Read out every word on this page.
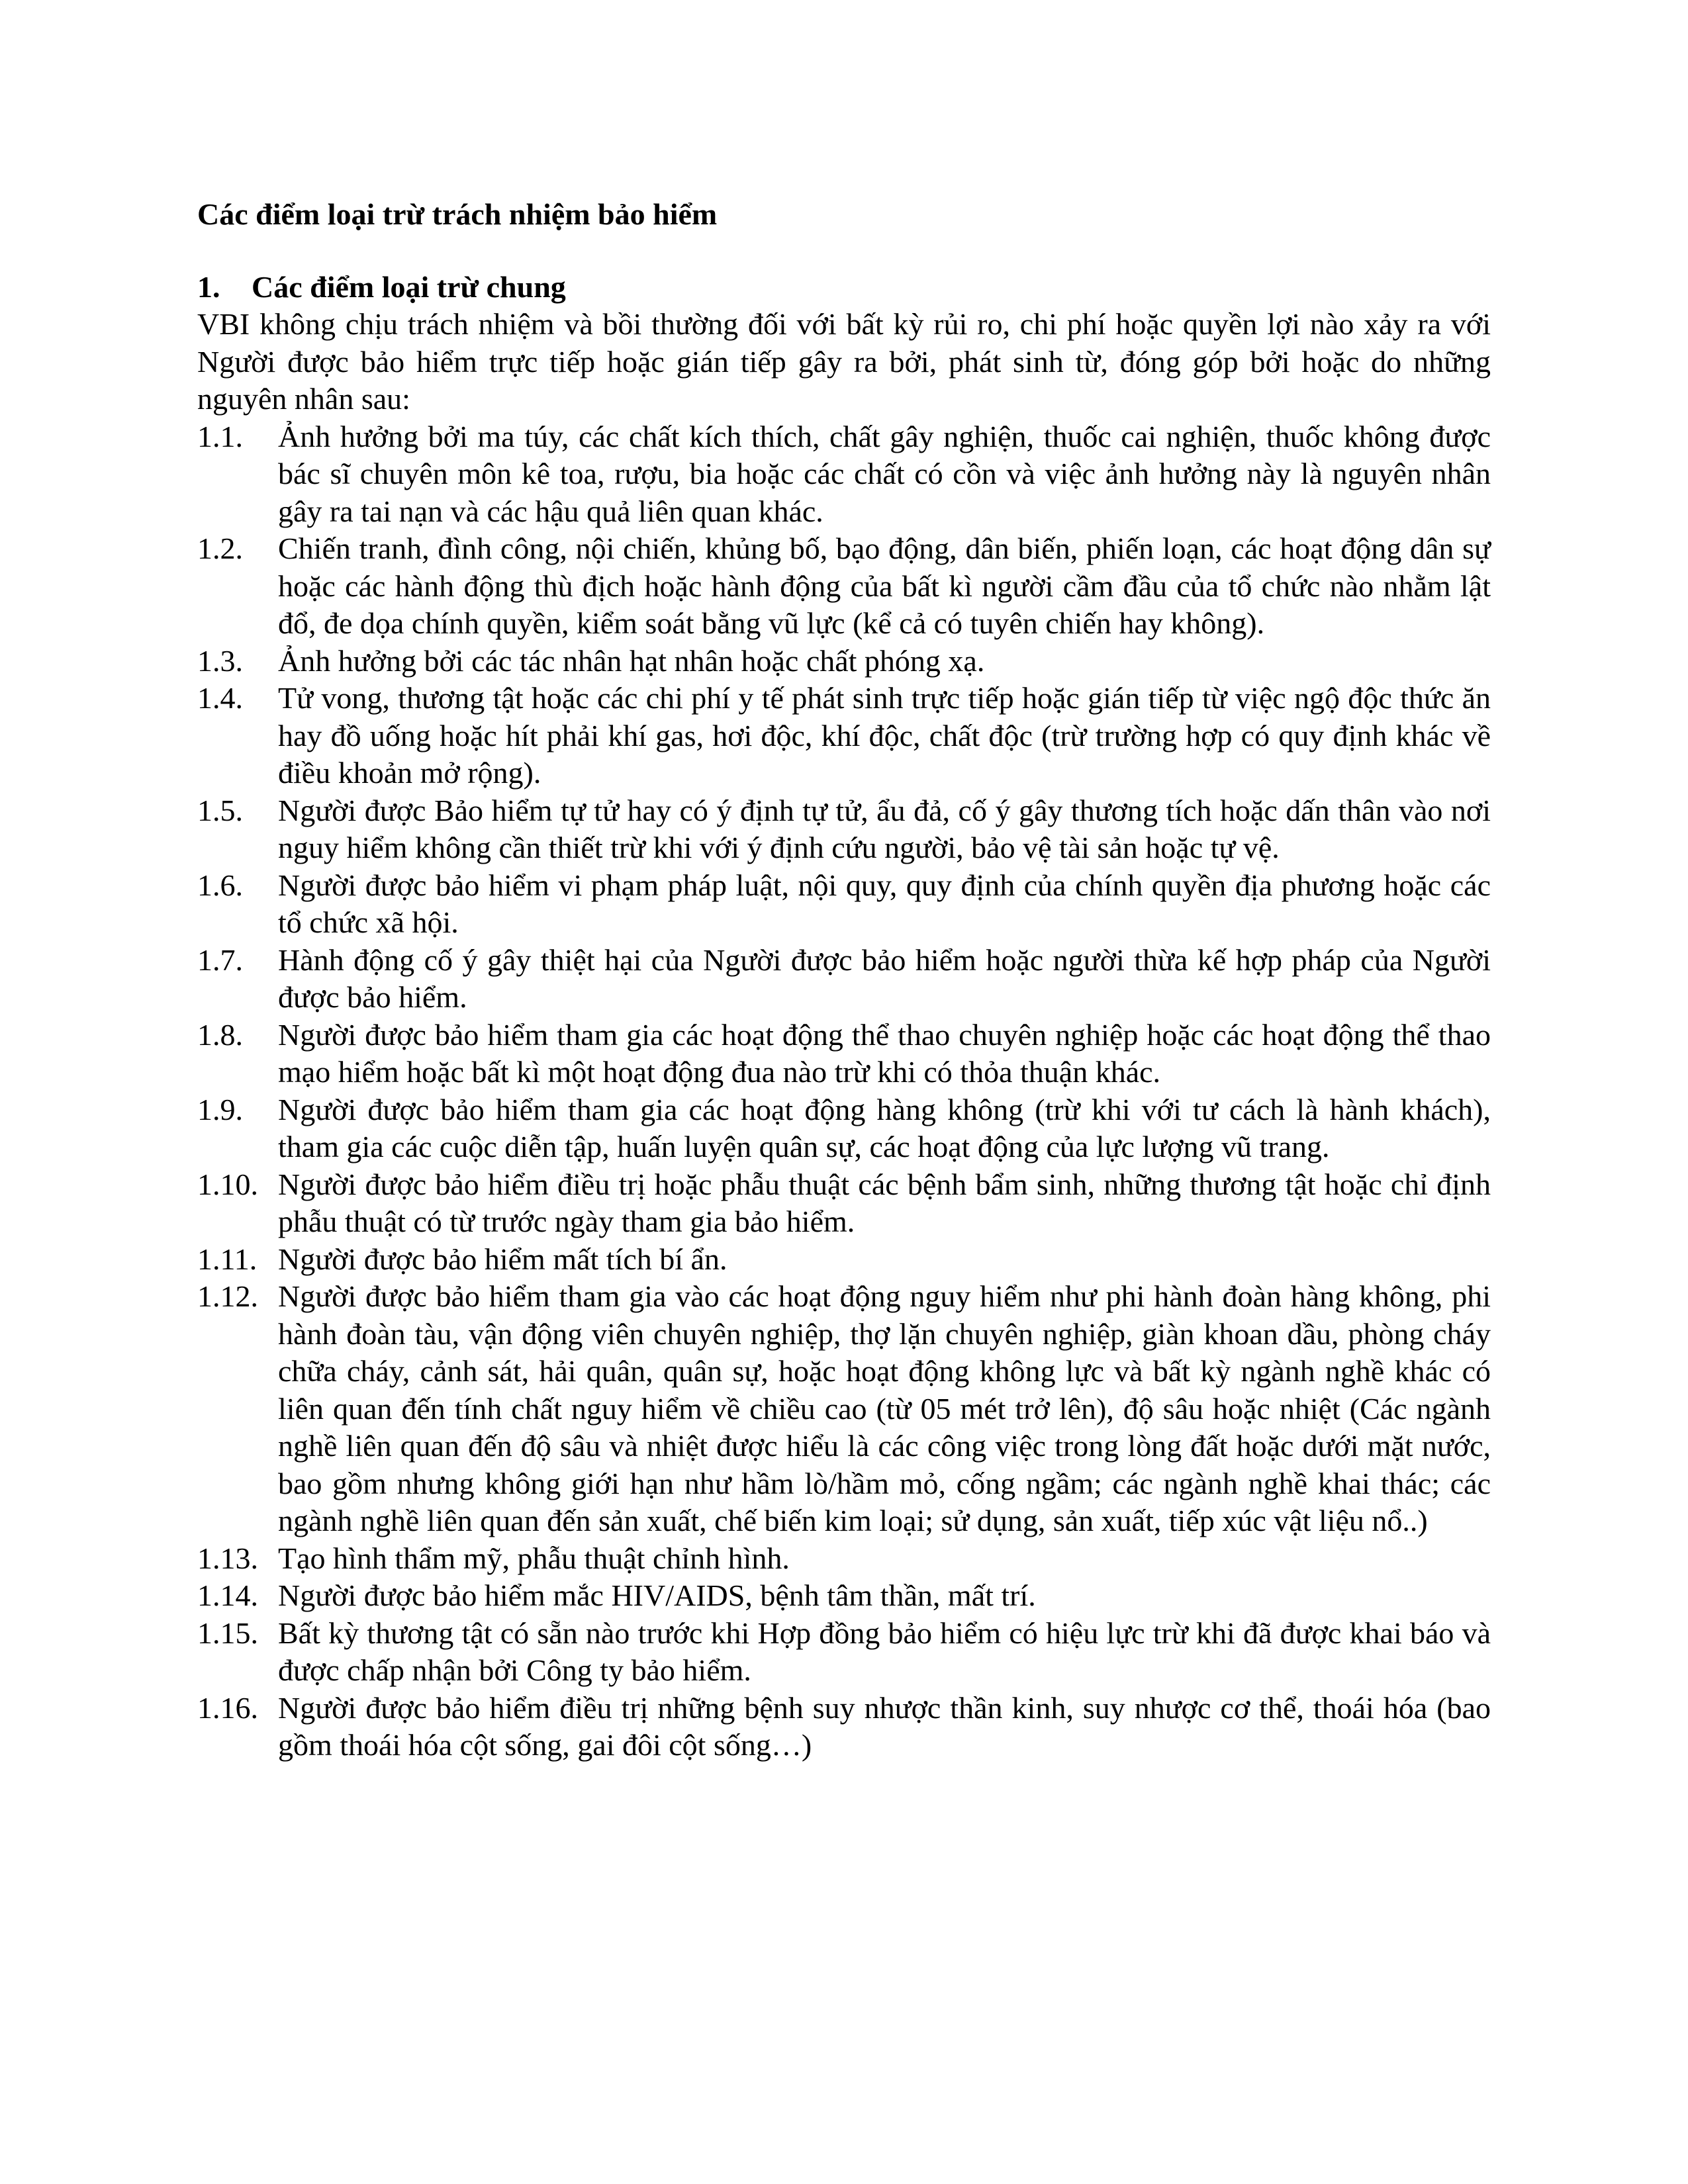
Các điểm loại trừ trách nhiệm bảo hiểm

1.	Các điểm loại trừ chung

VBI không chịu trách nhiệm và bồi thường đối với bất kỳ rủi ro, chi phí hoặc quyền lợi nào xảy ra với Người được bảo hiểm trực tiếp hoặc gián tiếp gây ra bởi, phát sinh từ, đóng góp bởi hoặc do những nguyên nhân sau:

1.1.	Ảnh hưởng bởi ma túy, các chất kích thích, chất gây nghiện, thuốc cai nghiện, thuốc không được bác sĩ chuyên môn kê toa, rượu, bia hoặc các chất có cồn và việc ảnh hưởng này là nguyên nhân gây ra tai nạn và các hậu quả liên quan khác.
1.2.	Chiến tranh, đình công, nội chiến, khủng bố, bạo động, dân biến, phiến loạn, các hoạt động dân sự hoặc các hành động thù địch hoặc hành động của bất kì người cầm đầu của tổ chức nào nhằm lật đổ, đe dọa chính quyền, kiểm soát bằng vũ lực (kể cả có tuyên chiến hay không).
1.3.	Ảnh hưởng bởi các tác nhân hạt nhân hoặc chất phóng xạ.
1.4.	Tử vong, thương tật hoặc các chi phí y tế phát sinh trực tiếp hoặc gián tiếp từ việc ngộ độc thức ăn hay đồ uống hoặc hít phải khí gas, hơi độc, khí độc, chất độc (trừ trường hợp có quy định khác về điều khoản mở rộng).
1.5.	Người được Bảo hiểm tự tử hay có ý định tự tử, ẩu đả, cố ý gây thương tích hoặc dấn thân vào nơi nguy hiểm không cần thiết trừ khi với ý định cứu người, bảo vệ tài sản hoặc tự vệ.
1.6.	Người được bảo hiểm vi phạm pháp luật, nội quy, quy định của chính quyền địa phương hoặc các tổ chức xã hội.
1.7.	Hành động cố ý gây thiệt hại của Người được bảo hiểm hoặc người thừa kế hợp pháp của Người được bảo hiểm.
1.8.	Người được bảo hiểm tham gia các hoạt động thể thao chuyên nghiệp hoặc các hoạt động thể thao mạo hiểm hoặc bất kì một hoạt động đua nào trừ khi có thỏa thuận khác.
1.9.	Người được bảo hiểm tham gia các hoạt động hàng không (trừ khi với tư cách là hành khách), tham gia các cuộc diễn tập, huấn luyện quân sự, các hoạt động của lực lượng vũ trang.
1.10. Người được bảo hiểm điều trị hoặc phẫu thuật các bệnh bẩm sinh, những thương tật hoặc chỉ định phẫu thuật có từ trước ngày tham gia bảo hiểm.
1.11. Người được bảo hiểm mất tích bí ẩn.
1.12. Người được bảo hiểm tham gia vào các hoạt động nguy hiểm như phi hành đoàn hàng không, phi hành đoàn tàu, vận động viên chuyên nghiệp, thợ lặn chuyên nghiệp, giàn khoan dầu, phòng cháy chữa cháy, cảnh sát, hải quân, quân sự, hoặc hoạt động không lực và bất kỳ ngành nghề khác có liên quan đến tính chất nguy hiểm về chiều cao (từ 05 mét trở lên), độ sâu hoặc nhiệt (Các ngành nghề liên quan đến độ sâu và nhiệt được hiểu là các công việc trong lòng đất hoặc dưới mặt nước, bao gồm nhưng không giới hạn như hầm lò/hầm mỏ, cống ngầm; các ngành nghề khai thác; các ngành nghề liên quan đến sản xuất, chế biến kim loại; sử dụng, sản xuất, tiếp xúc vật liệu nổ..)
1.13. Tạo hình thẩm mỹ, phẫu thuật chỉnh hình.
1.14. Người được bảo hiểm mắc HIV/AIDS, bệnh tâm thần, mất trí.
1.15. Bất kỳ thương tật có sẵn nào trước khi Hợp đồng bảo hiểm có hiệu lực trừ khi đã được khai báo và được chấp nhận bởi Công ty bảo hiểm.
1.16. Người được bảo hiểm điều trị những bệnh suy nhược thần kinh, suy nhược cơ thể, thoái hóa (bao gồm thoái hóa cột sống, gai đôi cột sống…)
